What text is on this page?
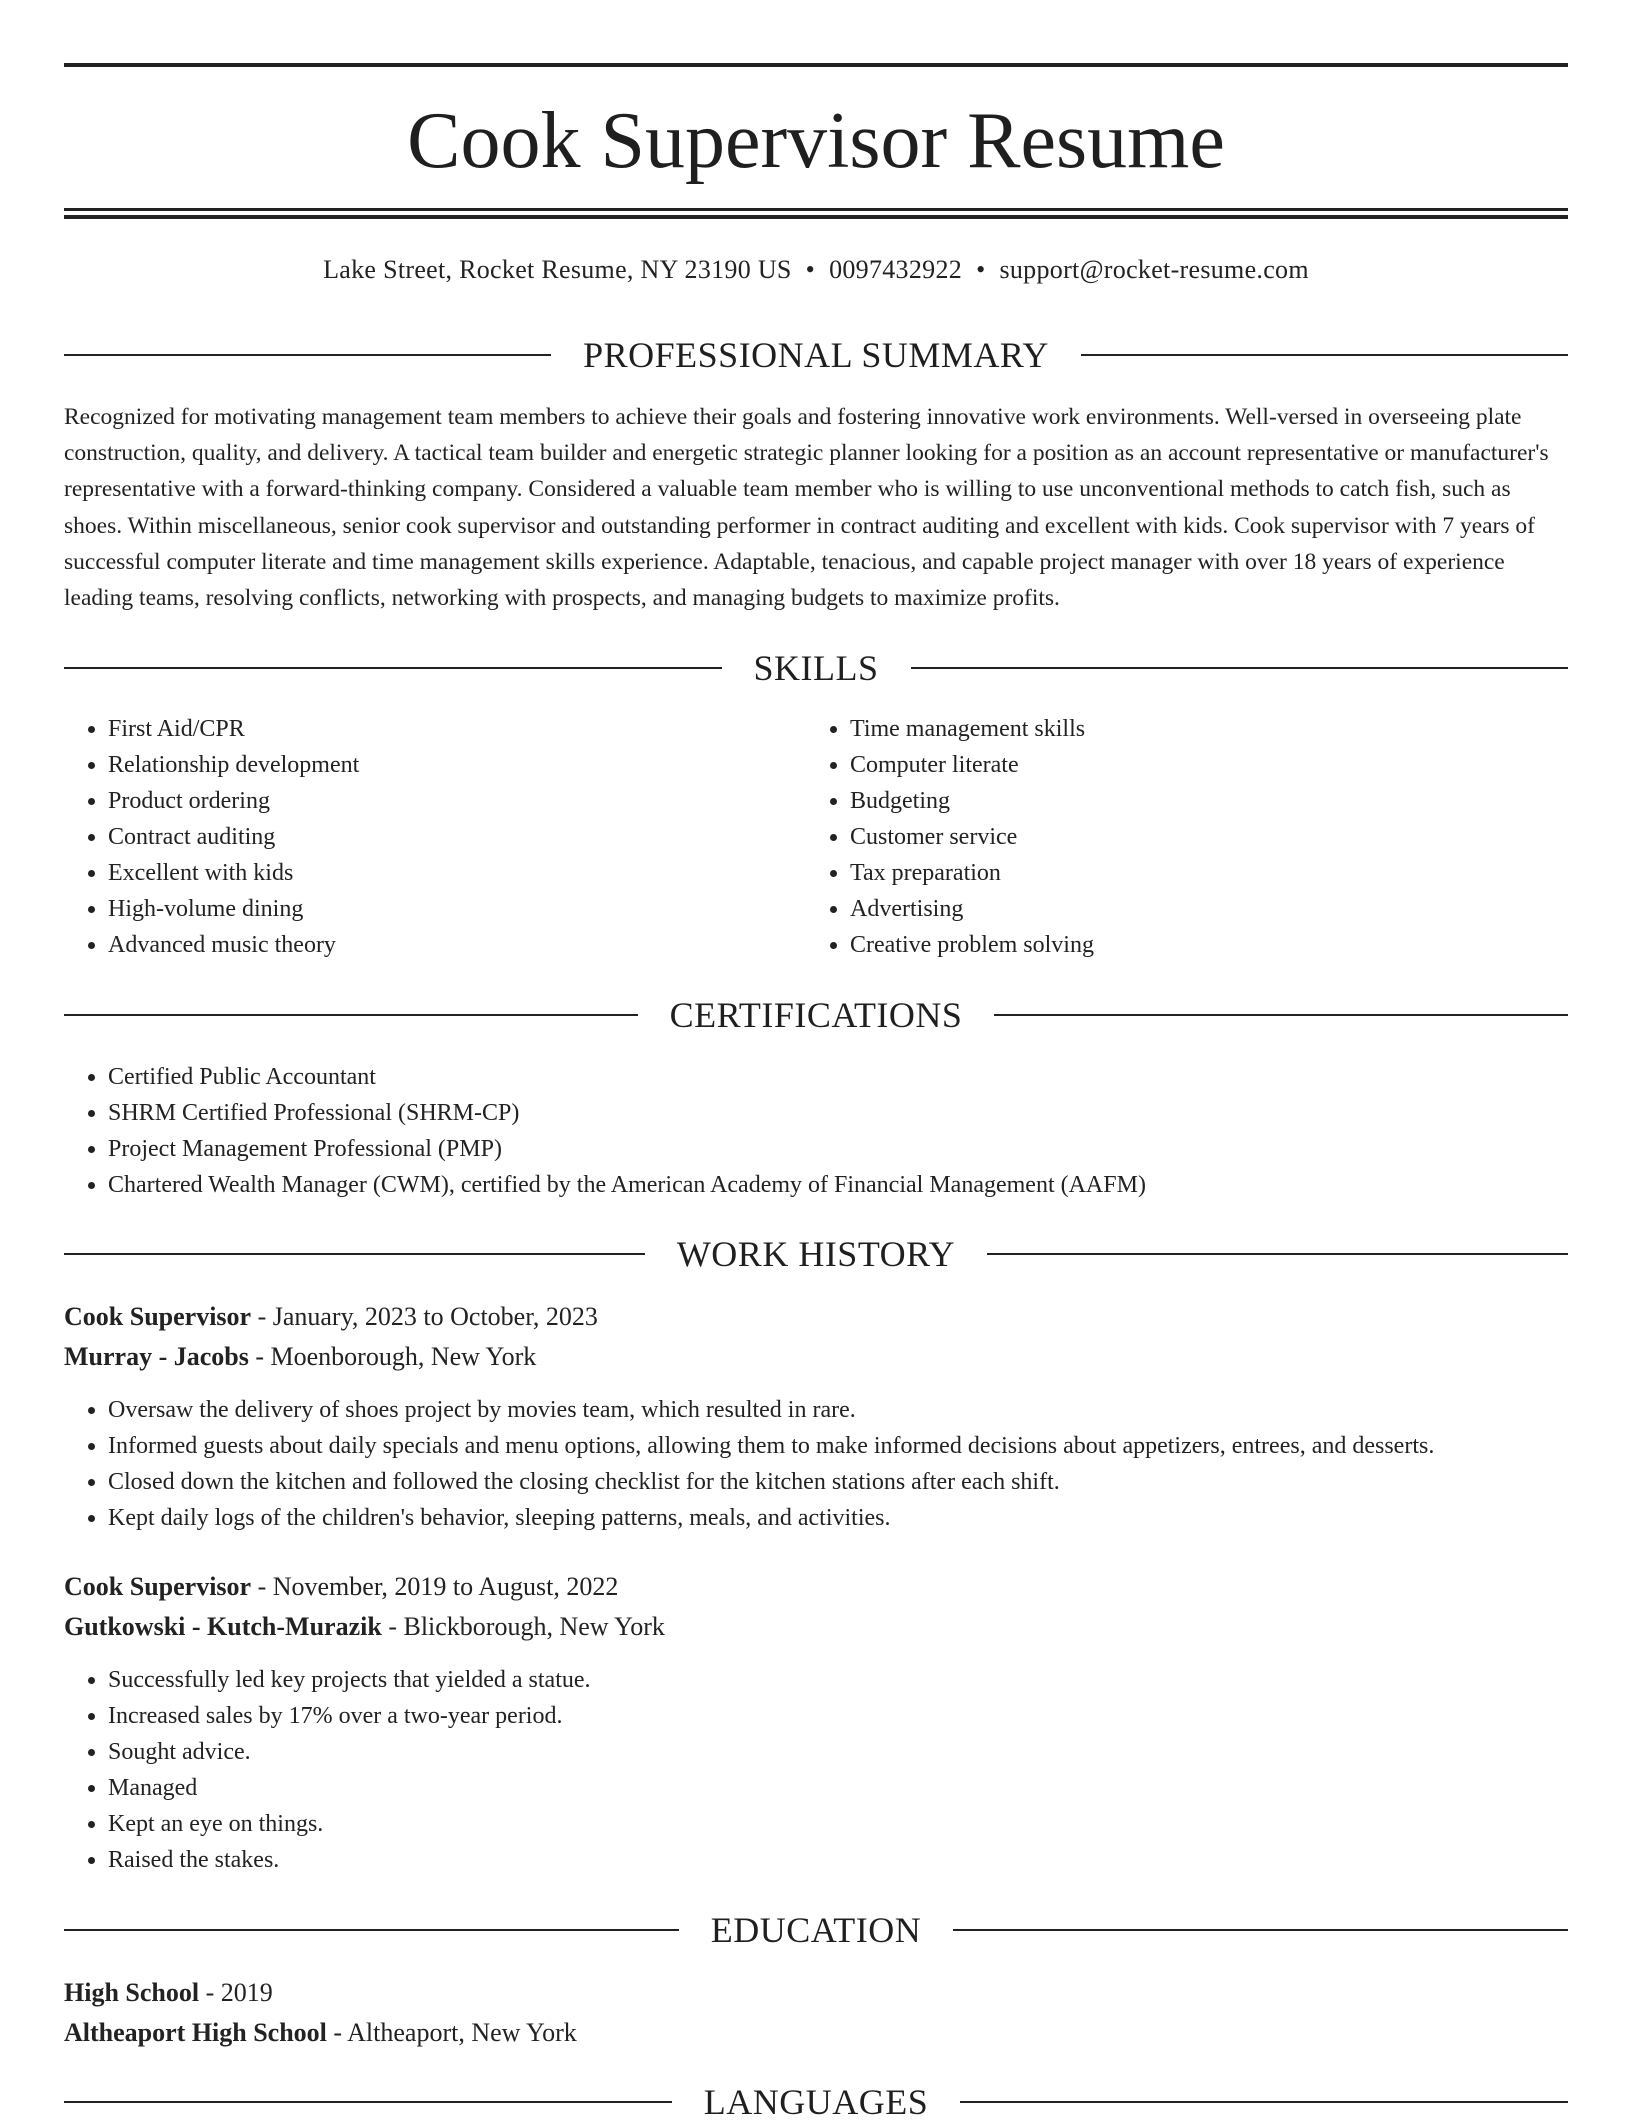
Cook Supervisor Resume
Lake Street, Rocket Resume, NY 23190 US • 0097432922 • support@rocket-resume.com
PROFESSIONAL SUMMARY

Recognized for motivating management team members to achieve their goals and fostering innovative work environments. Well-versed in overseeing plate construction, quality, and delivery. A tactical team builder and energetic strategic planner looking for a position as an account representative or manufacturer's representative with a forward-thinking company. Considered a valuable team member who is willing to use unconventional methods to catch fish, such as shoes. Within miscellaneous, senior cook supervisor and outstanding performer in contract auditing and excellent with kids. Cook supervisor with 7 years of successful computer literate and time management skills experience. Adaptable, tenacious, and capable project manager with over 18 years of experience leading teams, resolving conflicts, networking with prospects, and managing budgets to maximize profits.

SKILLS
• First Aid/CPR
• Relationship development
• Product ordering
• Contract auditing
• Excellent with kids
• High-volume dining
• Advanced music theory
• Time management skills
• Computer literate
• Budgeting
• Customer service
• Tax preparation
• Advertising
• Creative problem solving
CERTIFICATIONS
• Certified Public Accountant
• SHRM Certified Professional (SHRM-CP)
• Project Management Professional (PMP)
• Chartered Wealth Manager (CWM), certified by the American Academy of Financial Management (AAFM)
WORK HISTORY
Cook Supervisor - January, 2023 to October, 2023
Murray - Jacobs - Moenborough, New York
• Oversaw the delivery of shoes project by movies team, which resulted in rare.
• Informed guests about daily specials and menu options, allowing them to make informed decisions about appetizers, entrees, and desserts.
• Closed down the kitchen and followed the closing checklist for the kitchen stations after each shift.
• Kept daily logs of the children's behavior, sleeping patterns, meals, and activities.
Cook Supervisor - November, 2019 to August, 2022
Gutkowski - Kutch-Murazik - Blickborough, New York
• Successfully led key projects that yielded a statue.
• Increased sales by 17% over a two-year period.
• Sought advice.
• Managed
• Kept an eye on things.
• Raised the stakes.
EDUCATION
High School - 2019
Altheaport High School - Altheaport, New York
LANGUAGES
